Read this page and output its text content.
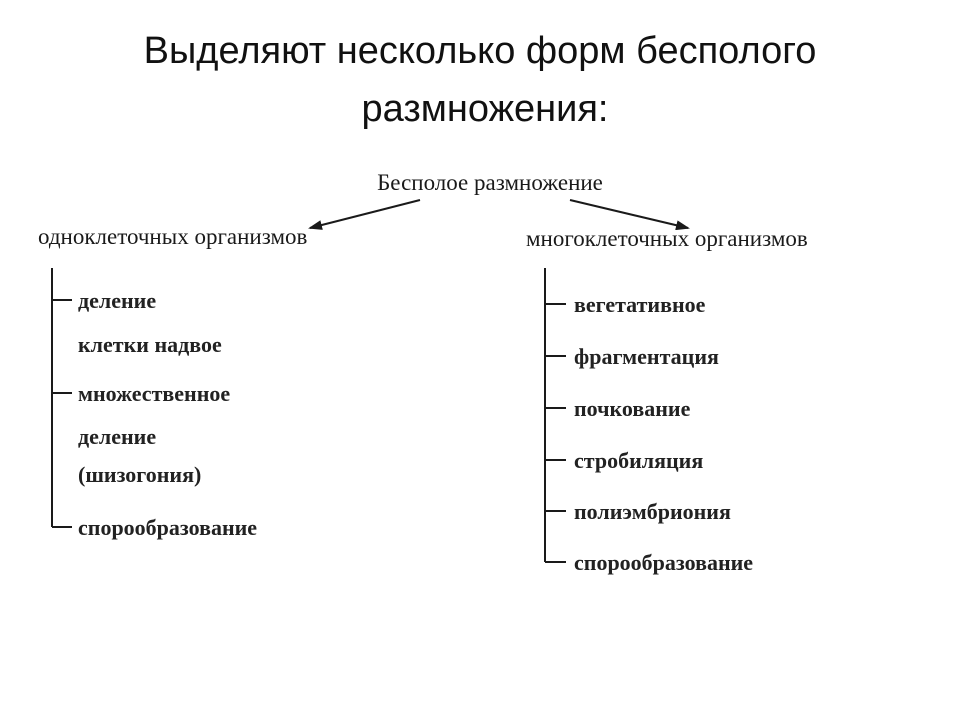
Выделяют несколько форм бесполого
размножения:
Бесполое размножение
одноклеточных организмов	многоклеточных организмов
деление
клетки надвое
множественное
деление
(шизогония)
спорообразование
вегетативное
фрагментация
почкование
стробиляция
полиэмбриония
спорообразование
